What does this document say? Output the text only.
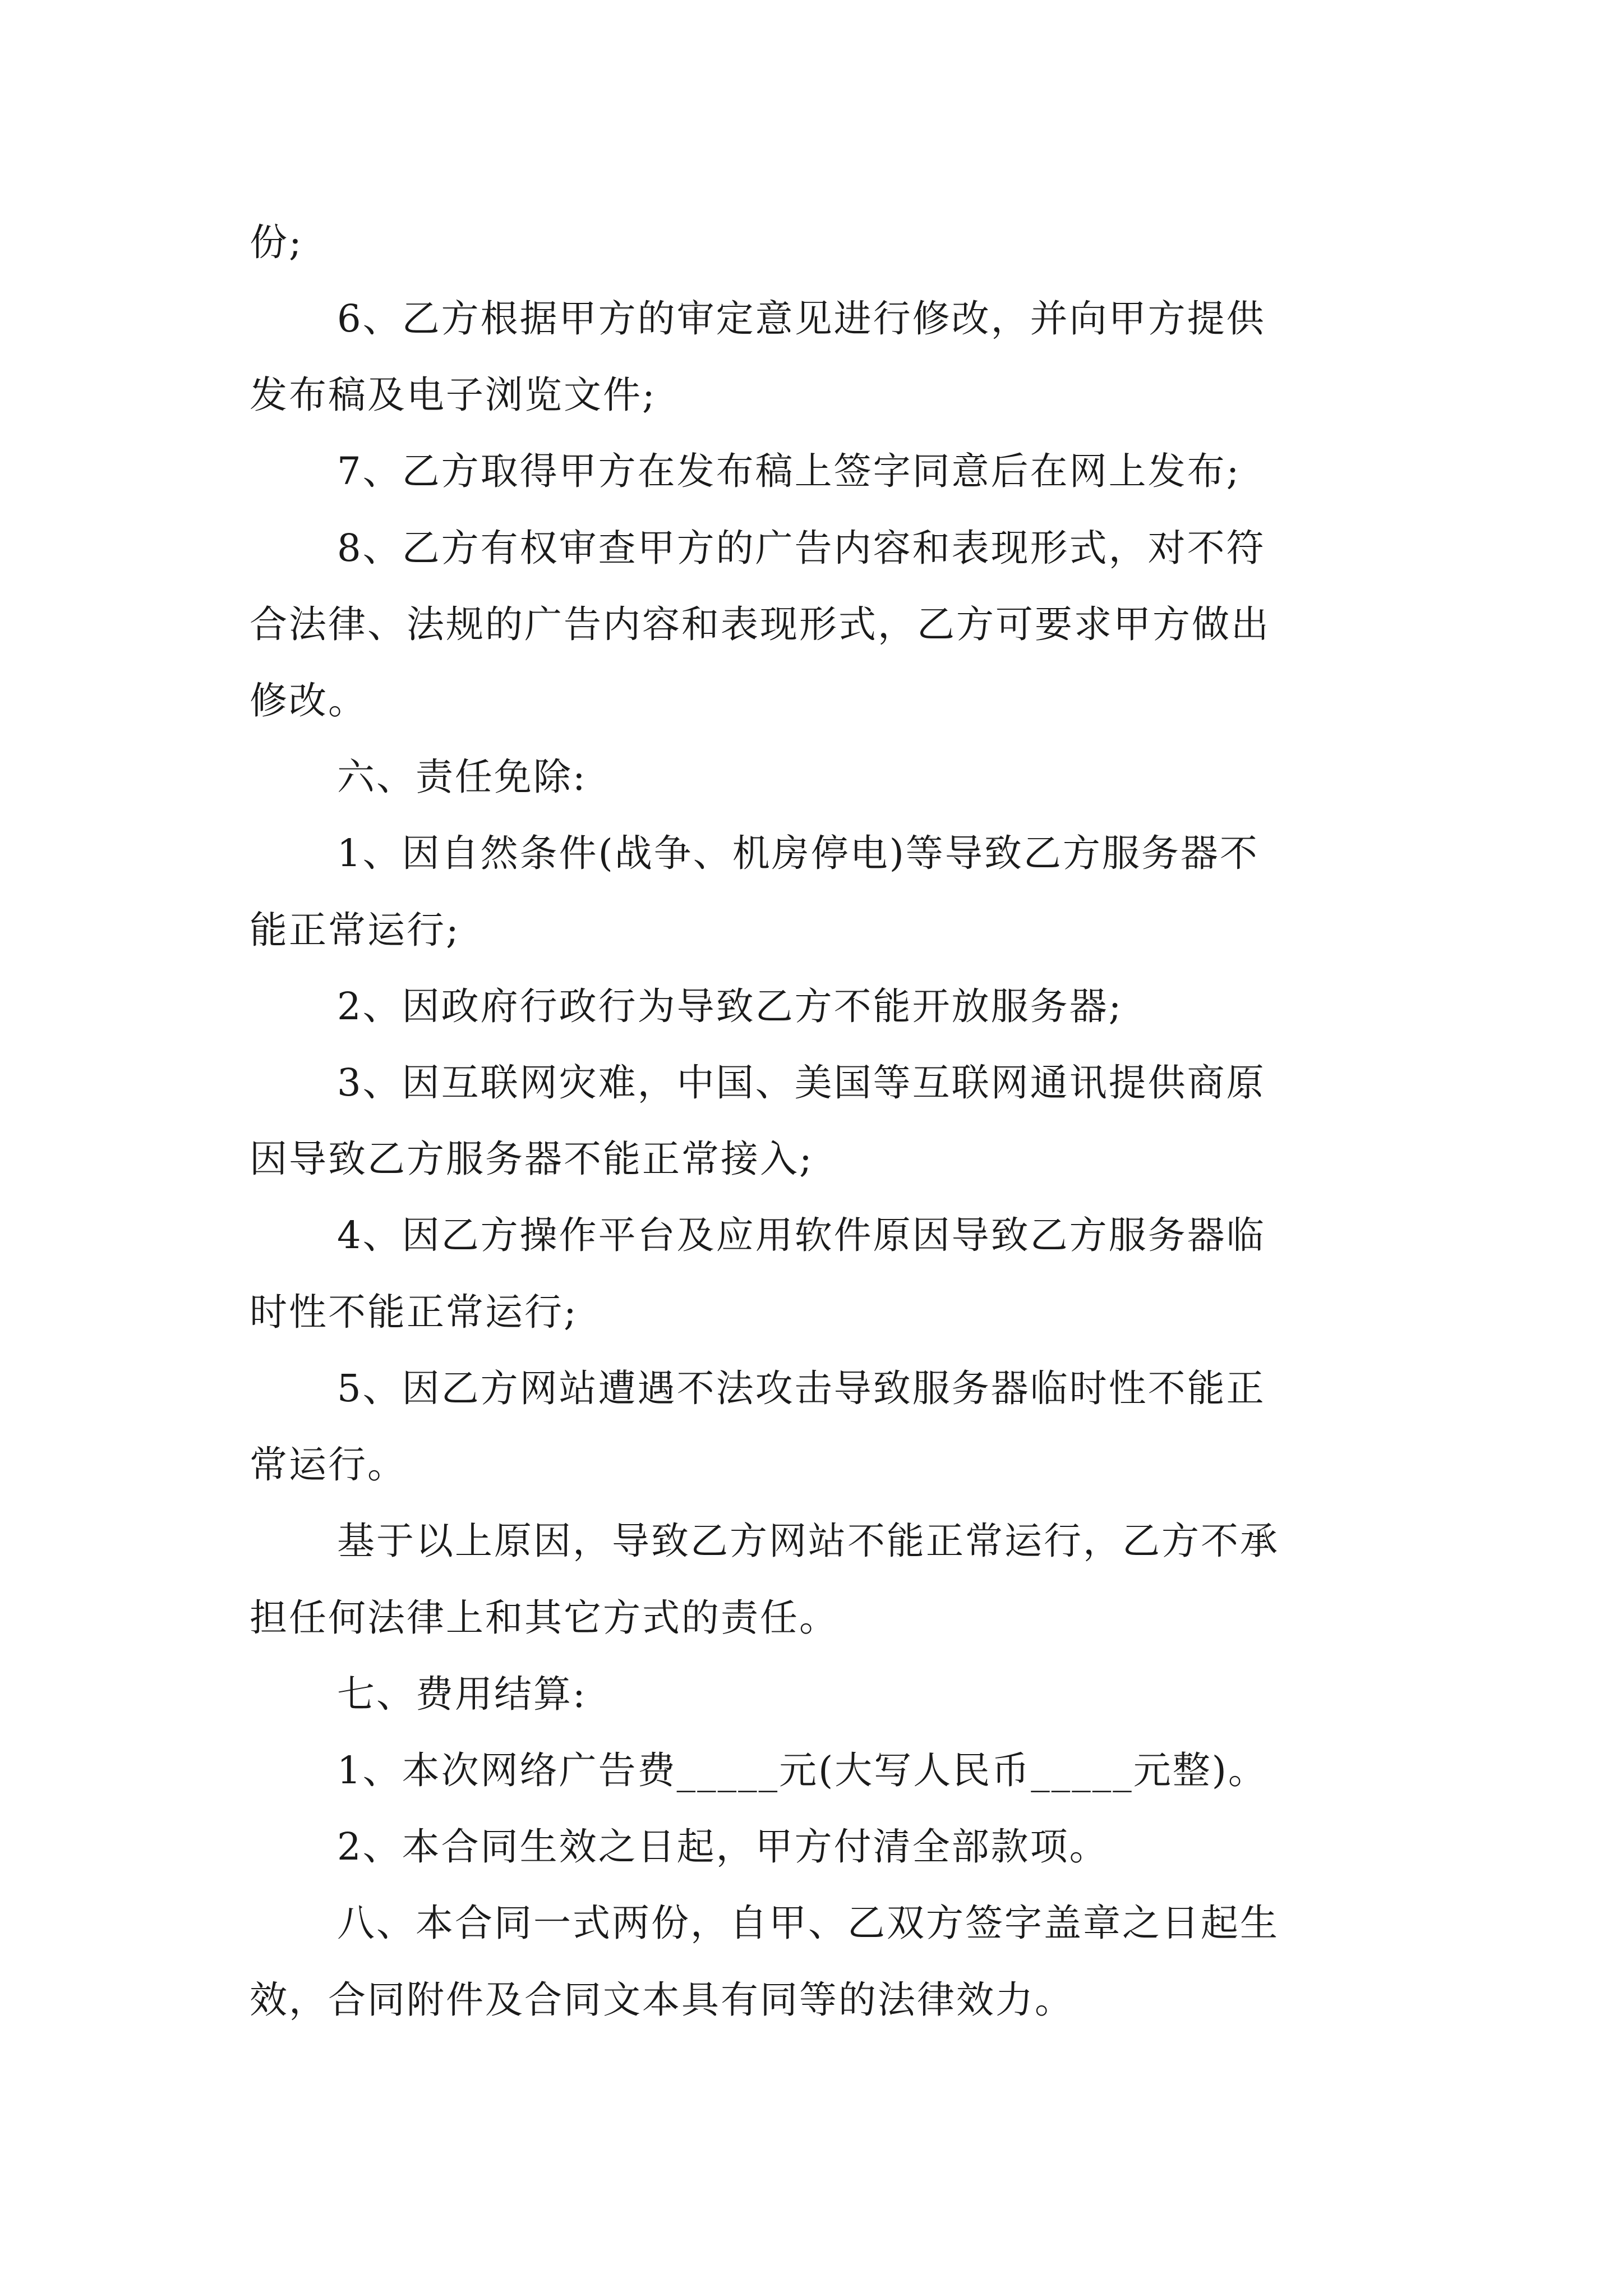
份;

6、乙方根据甲方的审定意见进行修改，并向甲方提供

发布稿及电子浏览文件;

7、乙方取得甲方在发布稿上签字同意后在网上发布;

8、乙方有权审查甲方的广告内容和表现形式，对不符

合法律、法规的广告内容和表现形式，乙方可要求甲方做出

修改。

六、责任免除:

1、因自然条件(战争、机房停电)等导致乙方服务器不

能正常运行;

2、因政府行政行为导致乙方不能开放服务器;

3、因互联网灾难，中国、美国等互联网通讯提供商原

因导致乙方服务器不能正常接入;

4、因乙方操作平台及应用软件原因导致乙方服务器临

时性不能正常运行;

5、因乙方网站遭遇不法攻击导致服务器临时性不能正

常运行。

基于以上原因，导致乙方网站不能正常运行，乙方不承

担任何法律上和其它方式的责任。

七、费用结算:

1、本次网络广告费_____元(大写人民币_____元整)。

2、本合同生效之日起，甲方付清全部款项。

八、本合同一式两份，自甲、乙双方签字盖章之日起生

效，合同附件及合同文本具有同等的法律效力。
